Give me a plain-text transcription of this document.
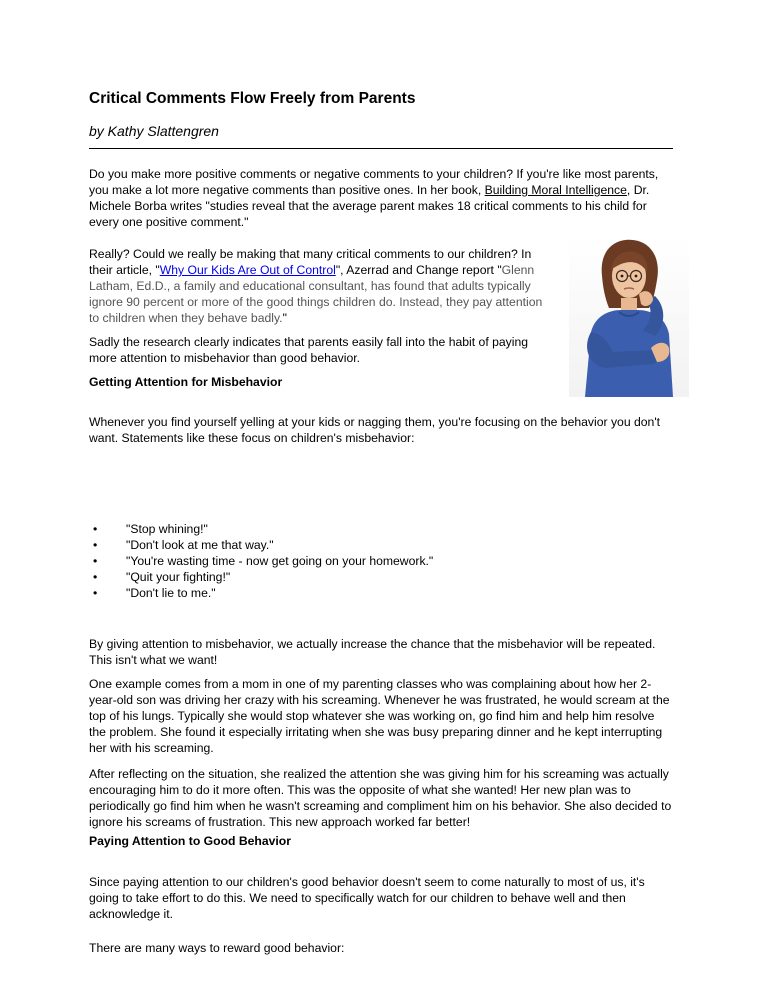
Critical Comments Flow Freely from Parents

by Kathy Slattengren

Do you make more positive comments or negative comments to your children? If you're like most parents, you make a lot more negative comments than positive ones. In her book, Building Moral Intelligence, Dr. Michele Borba writes "studies reveal that the average parent makes 18 critical comments to his child for every one positive comment."

Really? Could we really be making that many critical comments to our children? In their article, "Why Our Kids Are Out of Control", Azerrad and Change report "Glenn Latham, Ed.D., a family and educational consultant, has found that adults typically ignore 90 percent or more of the good things children do. Instead, they pay attention to children when they behave badly."

Sadly the research clearly indicates that parents easily fall into the habit of paying more attention to misbehavior than good behavior.

Getting Attention for Misbehavior

Whenever you find yourself yelling at your kids or nagging them, you're focusing on the behavior you don't want. Statements like these focus on children's misbehavior:

• "Stop whining!"
• "Don't look at me that way."
• "You're wasting time - now get going on your homework."
• "Quit your fighting!"
• "Don't lie to me."

By giving attention to misbehavior, we actually increase the chance that the misbehavior will be repeated. This isn't what we want!

One example comes from a mom in one of my parenting classes who was complaining about how her 2-year-old son was driving her crazy with his screaming. Whenever he was frustrated, he would scream at the top of his lungs. Typically she would stop whatever she was working on, go find him and help him resolve the problem. She found it especially irritating when she was busy preparing dinner and he kept interrupting her with his screaming.

After reflecting on the situation, she realized the attention she was giving him for his screaming was actually encouraging him to do it more often. This was the opposite of what she wanted! Her new plan was to periodically go find him when he wasn't screaming and compliment him on his behavior. She also decided to ignore his screams of frustration. This new approach worked far better!

Paying Attention to Good Behavior

Since paying attention to our children's good behavior doesn't seem to come naturally to most of us, it's going to take effort to do this. We need to specifically watch for our children to behave well and then acknowledge it.

There are many ways to reward good behavior:
